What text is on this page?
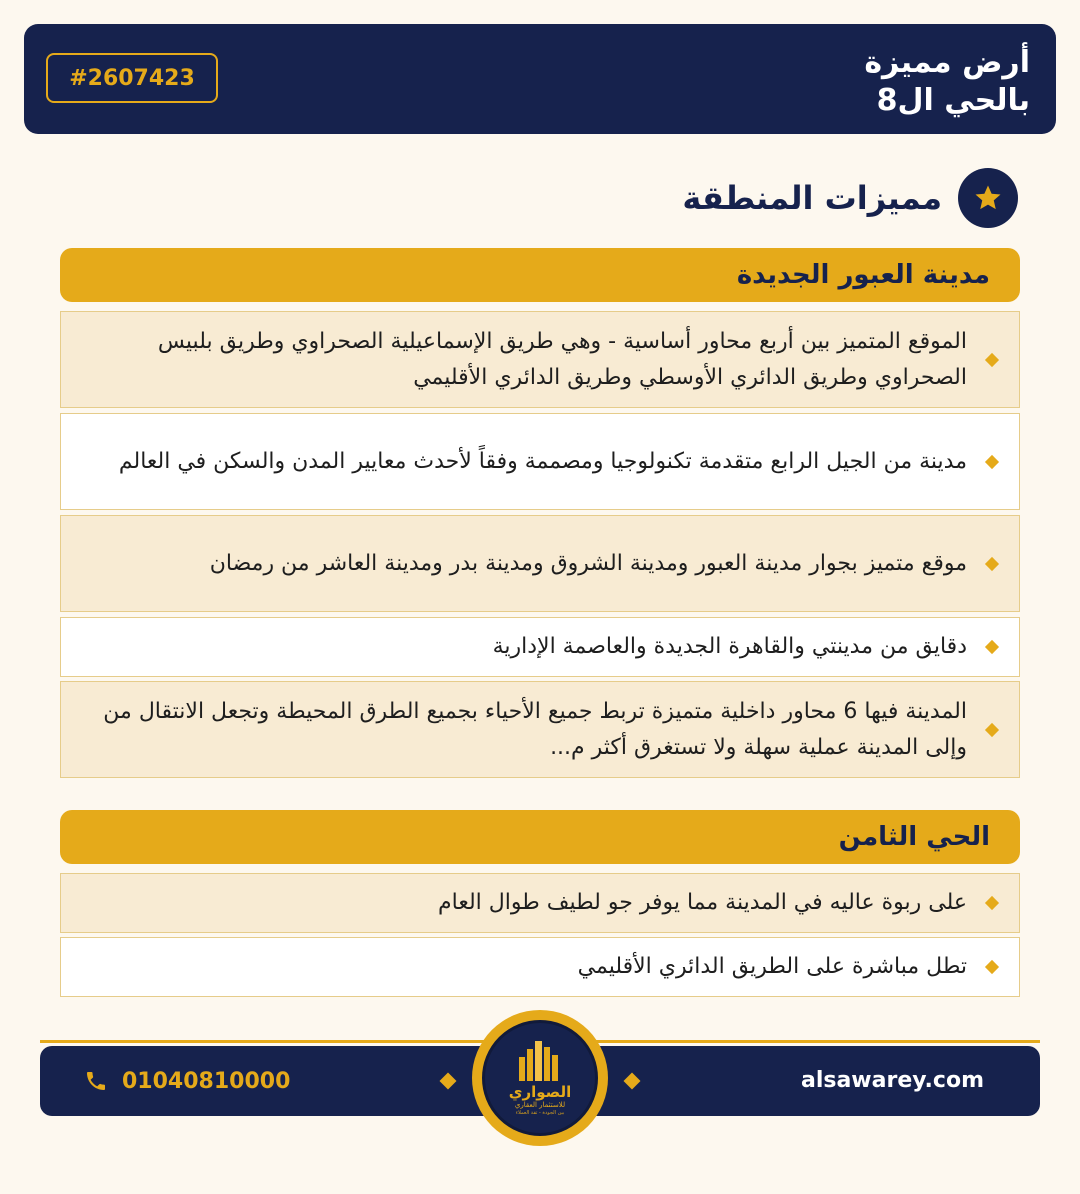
أرض مميزة
بالحي ال8
#2607423
مميزات المنطقة
مدينة العبور الجديدة
الموقع المتميز بين أربع محاور أساسية - وهي طريق الإسماعيلية الصحراوي وطريق بلبيس الصحراوي وطريق الدائري الأوسطي وطريق الدائري الأقليمي
مدينة من الجيل الرابع متقدمة تكنولوجيا ومصممة وفقاً لأحدث معايير المدن والسكن في العالم
موقع متميز بجوار مدينة العبور ومدينة الشروق ومدينة بدر ومدينة العاشر من رمضان
دقايق من مدينتي والقاهرة الجديدة والعاصمة الإدارية
المدينة فيها 6 محاور داخلية متميزة تربط جميع الأحياء بجميع الطرق المحيطة وتجعل الانتقال من وإلى المدينة عملية سهلة ولا تستغرق أكثر م...
الحي الثامن
على ربوة عاليه في المدينة مما يوفر جو لطيف طوال العام
تطل مباشرة على الطريق الدائري الأقليمي
01040810000	alsawarey.com
الصواري
للاستثمار العقاري
بين الجودة - ثقة العملاء
